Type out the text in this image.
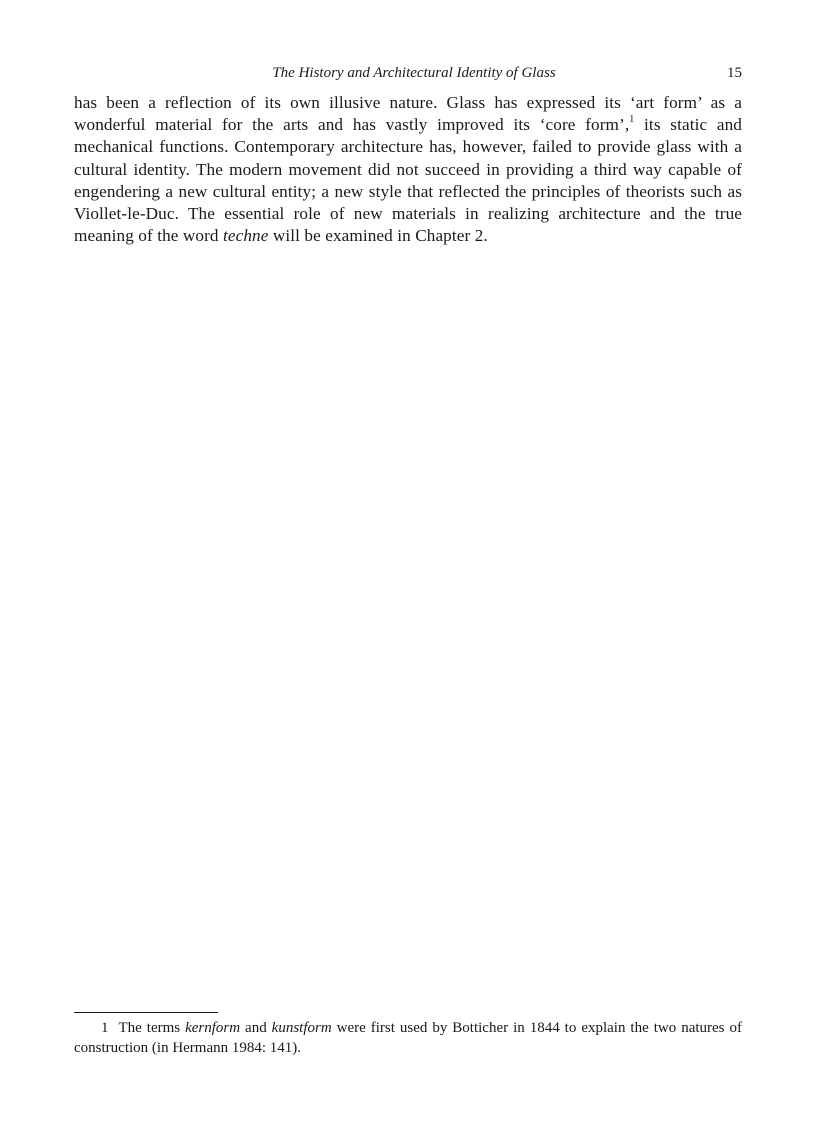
The History and Architectural Identity of Glass	15

has been a reflection of its own illusive nature. Glass has expressed its ‘art form’ as a wonderful material for the arts and has vastly improved its ‘core form’,$^1$ its static and mechanical functions. Contemporary architecture has, however, failed to provide glass with a cultural identity. The modern movement did not succeed in providing a third way capable of engendering a new cultural entity; a new style that reflected the principles of theorists such as Viollet-le-Duc. The essential role of new materials in realizing architecture and the true meaning of the word techne will be examined in Chapter 2.

1 The terms kernform and kunstform were first used by Botticher in 1844 to explain the two natures of construction (in Hermann 1984: 141).
